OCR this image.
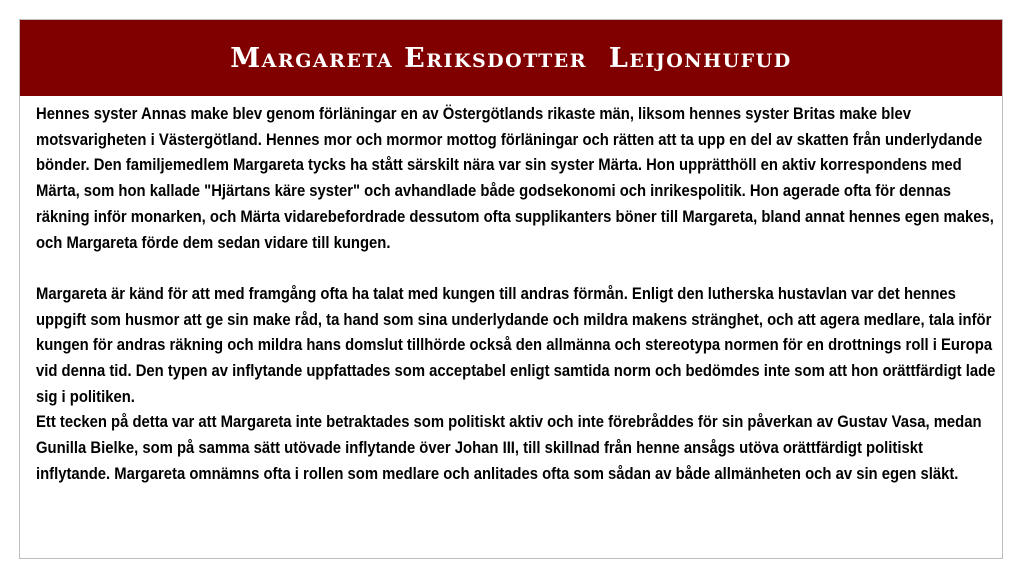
Margareta Eriksdotter  Leijonhufud

Hennes syster Annas make blev genom förläningar en av Östergötlands rikaste män, liksom hennes syster Britas make blev motsvarigheten i Västergötland. Hennes mor och mormor mottog förläningar och rätten att ta upp en del av skatten från underlydande bönder. Den familjemedlem Margareta tycks ha stått särskilt nära var sin syster Märta. Hon upprätthöll en aktiv korrespondens med Märta, som hon kallade "Hjärtans käre syster" och avhandlade både godsekonomi och inrikespolitik. Hon agerade ofta för dennas räkning inför monarken, och Märta vidarebefordrade dessutom ofta supplikanters böner till Margareta, bland annat hennes egen makes, och Margareta förde dem sedan vidare till kungen.

Margareta är känd för att med framgång ofta ha talat med kungen till andras förmån. Enligt den lutherska hustavlan var det hennes uppgift som husmor att ge sin make råd, ta hand som sina underlydande och mildra makens stränghet, och att agera medlare, tala inför kungen för andras räkning och mildra hans domslut tillhörde också den allmänna och stereotypa normen för en drottnings roll i Europa vid denna tid. Den typen av inflytande uppfattades som acceptabel enligt samtida norm och bedömdes inte som att hon orättfärdigt lade sig i politiken.

Ett tecken på detta var att Margareta inte betraktades som politiskt aktiv och inte förebråddes för sin påverkan av Gustav Vasa, medan Gunilla Bielke, som på samma sätt utövade inflytande över Johan III, till skillnad från henne ansågs utöva orättfärdigt politiskt inflytande. Margareta omnämns ofta i rollen som medlare och anlitades ofta som sådan av både allmänheten och av sin egen släkt.
